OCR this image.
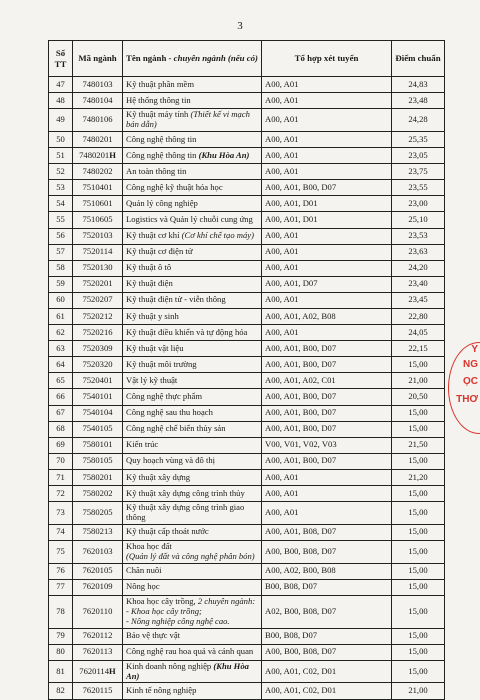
3
Số TT	Mã ngành	Tên ngành - chuyên ngành (nếu có)	Tổ hợp xét tuyển	Điểm chuẩn
47	7480103	Kỹ thuật phần mềm	A00, A01	24,83
48	7480104	Hệ thống thông tin	A00, A01	23,48
49	7480106	Kỹ thuật máy tính (Thiết kế vi mạch bán dẫn)	A00, A01	24,28
50	7480201	Công nghệ thông tin	A00, A01	25,35
51	7480201H	Công nghệ thông tin (Khu Hòa An)	A00, A01	23,05
52	7480202	An toàn thông tin	A00, A01	23,75
53	7510401	Công nghệ kỹ thuật hóa học	A00, A01, B00, D07	23,55
54	7510601	Quản lý công nghiệp	A00, A01, D01	23,00
55	7510605	Logistics và Quản lý chuỗi cung ứng	A00, A01, D01	25,10
56	7520103	Kỹ thuật cơ khí (Cơ khí chế tạo máy)	A00, A01	23,53
57	7520114	Kỹ thuật cơ điện tử	A00, A01	23,63
58	7520130	Kỹ thuật ô tô	A00, A01	24,20
59	7520201	Kỹ thuật điện	A00, A01, D07	23,40
60	7520207	Kỹ thuật điện tử - viễn thông	A00, A01	23,45
61	7520212	Kỹ thuật y sinh	A00, A01, A02, B08	22,80
62	7520216	Kỹ thuật điều khiển và tự động hóa	A00, A01	24,05
63	7520309	Kỹ thuật vật liệu	A00, A01, B00, D07	22,15
64	7520320	Kỹ thuật môi trường	A00, A01, B00, D07	15,00
65	7520401	Vật lý kỹ thuật	A00, A01, A02, C01	21,00
66	7540101	Công nghệ thực phẩm	A00, A01, B00, D07	20,50
67	7540104	Công nghệ sau thu hoạch	A00, A01, B00, D07	15,00
68	7540105	Công nghệ chế biến thủy sản	A00, A01, B00, D07	15,00
69	7580101	Kiến trúc	V00, V01, V02, V03	21,50
70	7580105	Quy hoạch vùng và đô thị	A00, A01, B00, D07	15,00
71	7580201	Kỹ thuật xây dựng	A00, A01	21,20
72	7580202	Kỹ thuật xây dựng công trình thủy	A00, A01	15,00
73	7580205	Kỹ thuật xây dựng công trình giao thông	A00, A01	15,00
74	7580213	Kỹ thuật cấp thoát nước	A00, A01, B08, D07	15,00
75	7620103	Khoa học đất
(Quản lý đất và công nghệ phân bón)	A00, B00, B08, D07	15,00
76	7620105	Chăn nuôi	A00, A02, B00, B08	15,00
77	7620109	Nông học	B00, B08, D07	15,00
78	7620110	Khoa học cây trồng, 2 chuyên ngành:
- Khoa học cây trồng;
- Nông nghiệp công nghệ cao.	A02, B00, B08, D07	15,00
79	7620112	Bảo vệ thực vật	B00, B08, D07	15,00
80	7620113	Công nghệ rau hoa quả và cảnh quan	A00, B00, B08, D07	15,00
81	7620114H	Kinh doanh nông nghiệp (Khu Hòa An)	A00, A01, C02, D01	15,00
82	7620115	Kinh tế nông nghiệp	A00, A01, C02, D01	21,00
Y
NG
ỌC
THƠ
